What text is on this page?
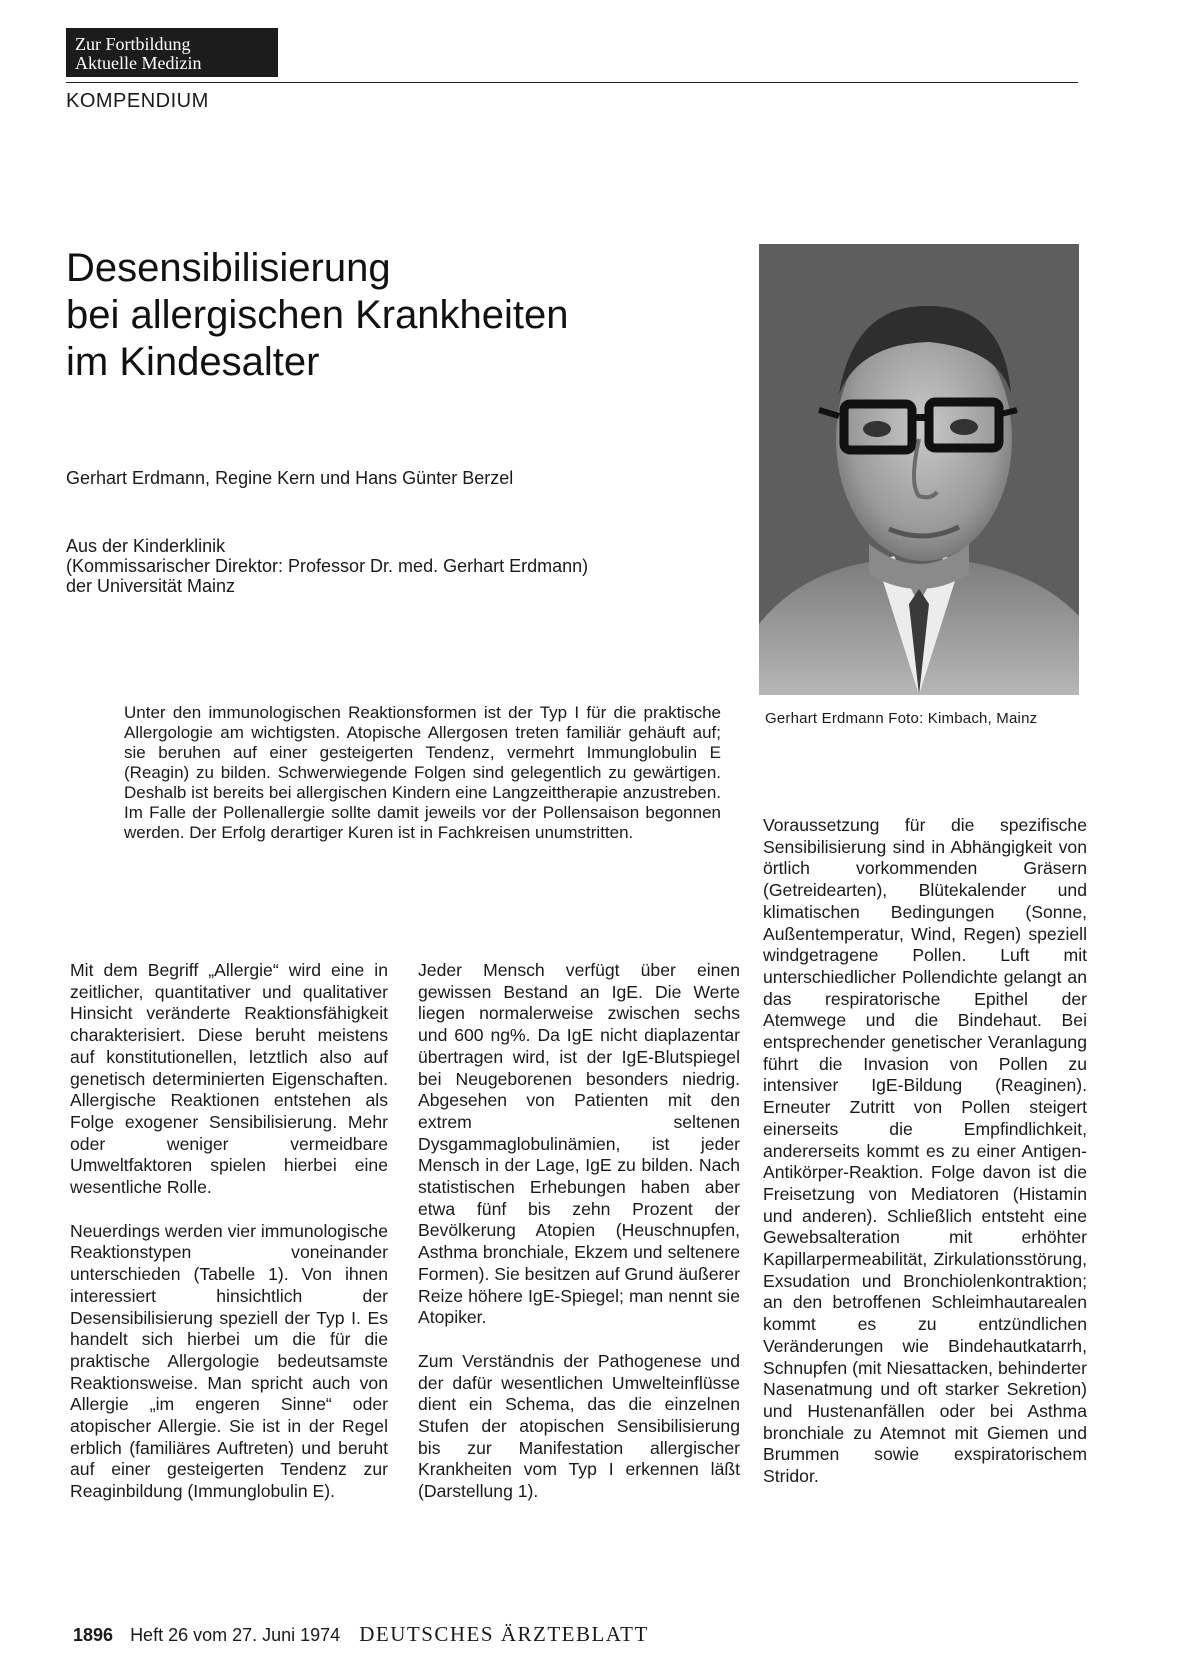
Zur Fortbildung
Aktuelle Medizin
KOMPENDIUM
Desensibilisierung
bei allergischen Krankheiten
im Kindesalter
Gerhart Erdmann, Regine Kern und Hans Günter Berzel
Aus der Kinderklinik
(Kommissarischer Direktor: Professor Dr. med. Gerhart Erdmann)
der Universität Mainz
Gerhart Erdmann Foto: Kimbach, Mainz

Unter den immunologischen Reaktionsformen ist der Typ I für die praktische Allergologie am wichtigsten. Atopische Allergosen treten familiär gehäuft auf; sie beruhen auf einer gesteigerten Tendenz, vermehrt Immunglobulin E (Reagin) zu bilden. Schwerwiegende Folgen sind gelegentlich zu gewärtigen. Deshalb ist bereits bei allergischen Kindern eine Langzeittherapie anzustreben. Im Falle der Pollenallergie sollte damit jeweils vor der Pollensaison begonnen werden. Der Erfolg derartiger Kuren ist in Fachkreisen unumstritten.

Mit dem Begriff „Allergie“ wird eine in zeitlicher, quantitativer und qualitativer Hinsicht veränderte Reaktionsfähigkeit charakterisiert. Diese beruht meistens auf konstitutionellen, letztlich also auf genetisch determinierten Eigenschaften. Allergische Reaktionen entstehen als Folge exogener Sensibilisierung. Mehr oder weniger vermeidbare Umweltfaktoren spielen hierbei eine wesentliche Rolle.

Neuerdings werden vier immunologische Reaktionstypen voneinander unterschieden (Tabelle 1). Von ihnen interessiert hinsichtlich der Desensibilisierung speziell der Typ I. Es handelt sich hierbei um die für die praktische Allergologie bedeutsamste Reaktionsweise. Man spricht auch von Allergie „im engeren Sinne“ oder atopischer Allergie. Sie ist in der Regel erblich (familiäres Auftreten) und beruht auf einer gesteigerten Tendenz zur Reaginbildung (Immunglobulin E).

Jeder Mensch verfügt über einen gewissen Bestand an IgE. Die Werte liegen normalerweise zwischen sechs und 600 ng%. Da IgE nicht diaplazentar übertragen wird, ist der IgE-Blutspiegel bei Neugeborenen besonders niedrig. Abgesehen von Patienten mit den extrem seltenen Dysgammaglobulinämien, ist jeder Mensch in der Lage, IgE zu bilden. Nach statistischen Erhebungen haben aber etwa fünf bis zehn Prozent der Bevölkerung Atopien (Heuschnupfen, Asthma bronchiale, Ekzem und seltenere Formen). Sie besitzen auf Grund äußerer Reize höhere IgE-Spiegel; man nennt sie Atopiker.

Zum Verständnis der Pathogenese und der dafür wesentlichen Umwelteinflüsse dient ein Schema, das die einzelnen Stufen der atopischen Sensibilisierung bis zur Manifestation allergischer Krankheiten vom Typ I erkennen läßt (Darstellung 1).

Voraussetzung für die spezifische Sensibilisierung sind in Abhängigkeit von örtlich vorkommenden Gräsern (Getreidearten), Blütekalender und klimatischen Bedingungen (Sonne, Außentemperatur, Wind, Regen) speziell windgetragene Pollen. Luft mit unterschiedlicher Pollendichte gelangt an das respiratorische Epithel der Atemwege und die Bindehaut. Bei entsprechender genetischer Veranlagung führt die Invasion von Pollen zu intensiver IgE-Bildung (Reaginen). Erneuter Zutritt von Pollen steigert einerseits die Empfindlichkeit, andererseits kommt es zu einer Antigen-Antikörper-Reaktion. Folge davon ist die Freisetzung von Mediatoren (Histamin und anderen). Schließlich entsteht eine Gewebsalteration mit erhöhter Kapillarpermeabilität, Zirkulationsstörung, Exsudation und Bronchiolenkontraktion; an den betroffenen Schleimhautarealen kommt es zu entzündlichen Veränderungen wie Bindehautkatarrh, Schnupfen (mit Niesattacken, behinderter Nasenatmung und oft starker Sekretion) und Hustenanfällen oder bei Asthma bronchiale zu Atemnot mit Giemen und Brummen sowie exspiratorischem Stridor.

1896 Heft 26 vom 27. Juni 1974 DEUTSCHES ÄRZTEBLATT
